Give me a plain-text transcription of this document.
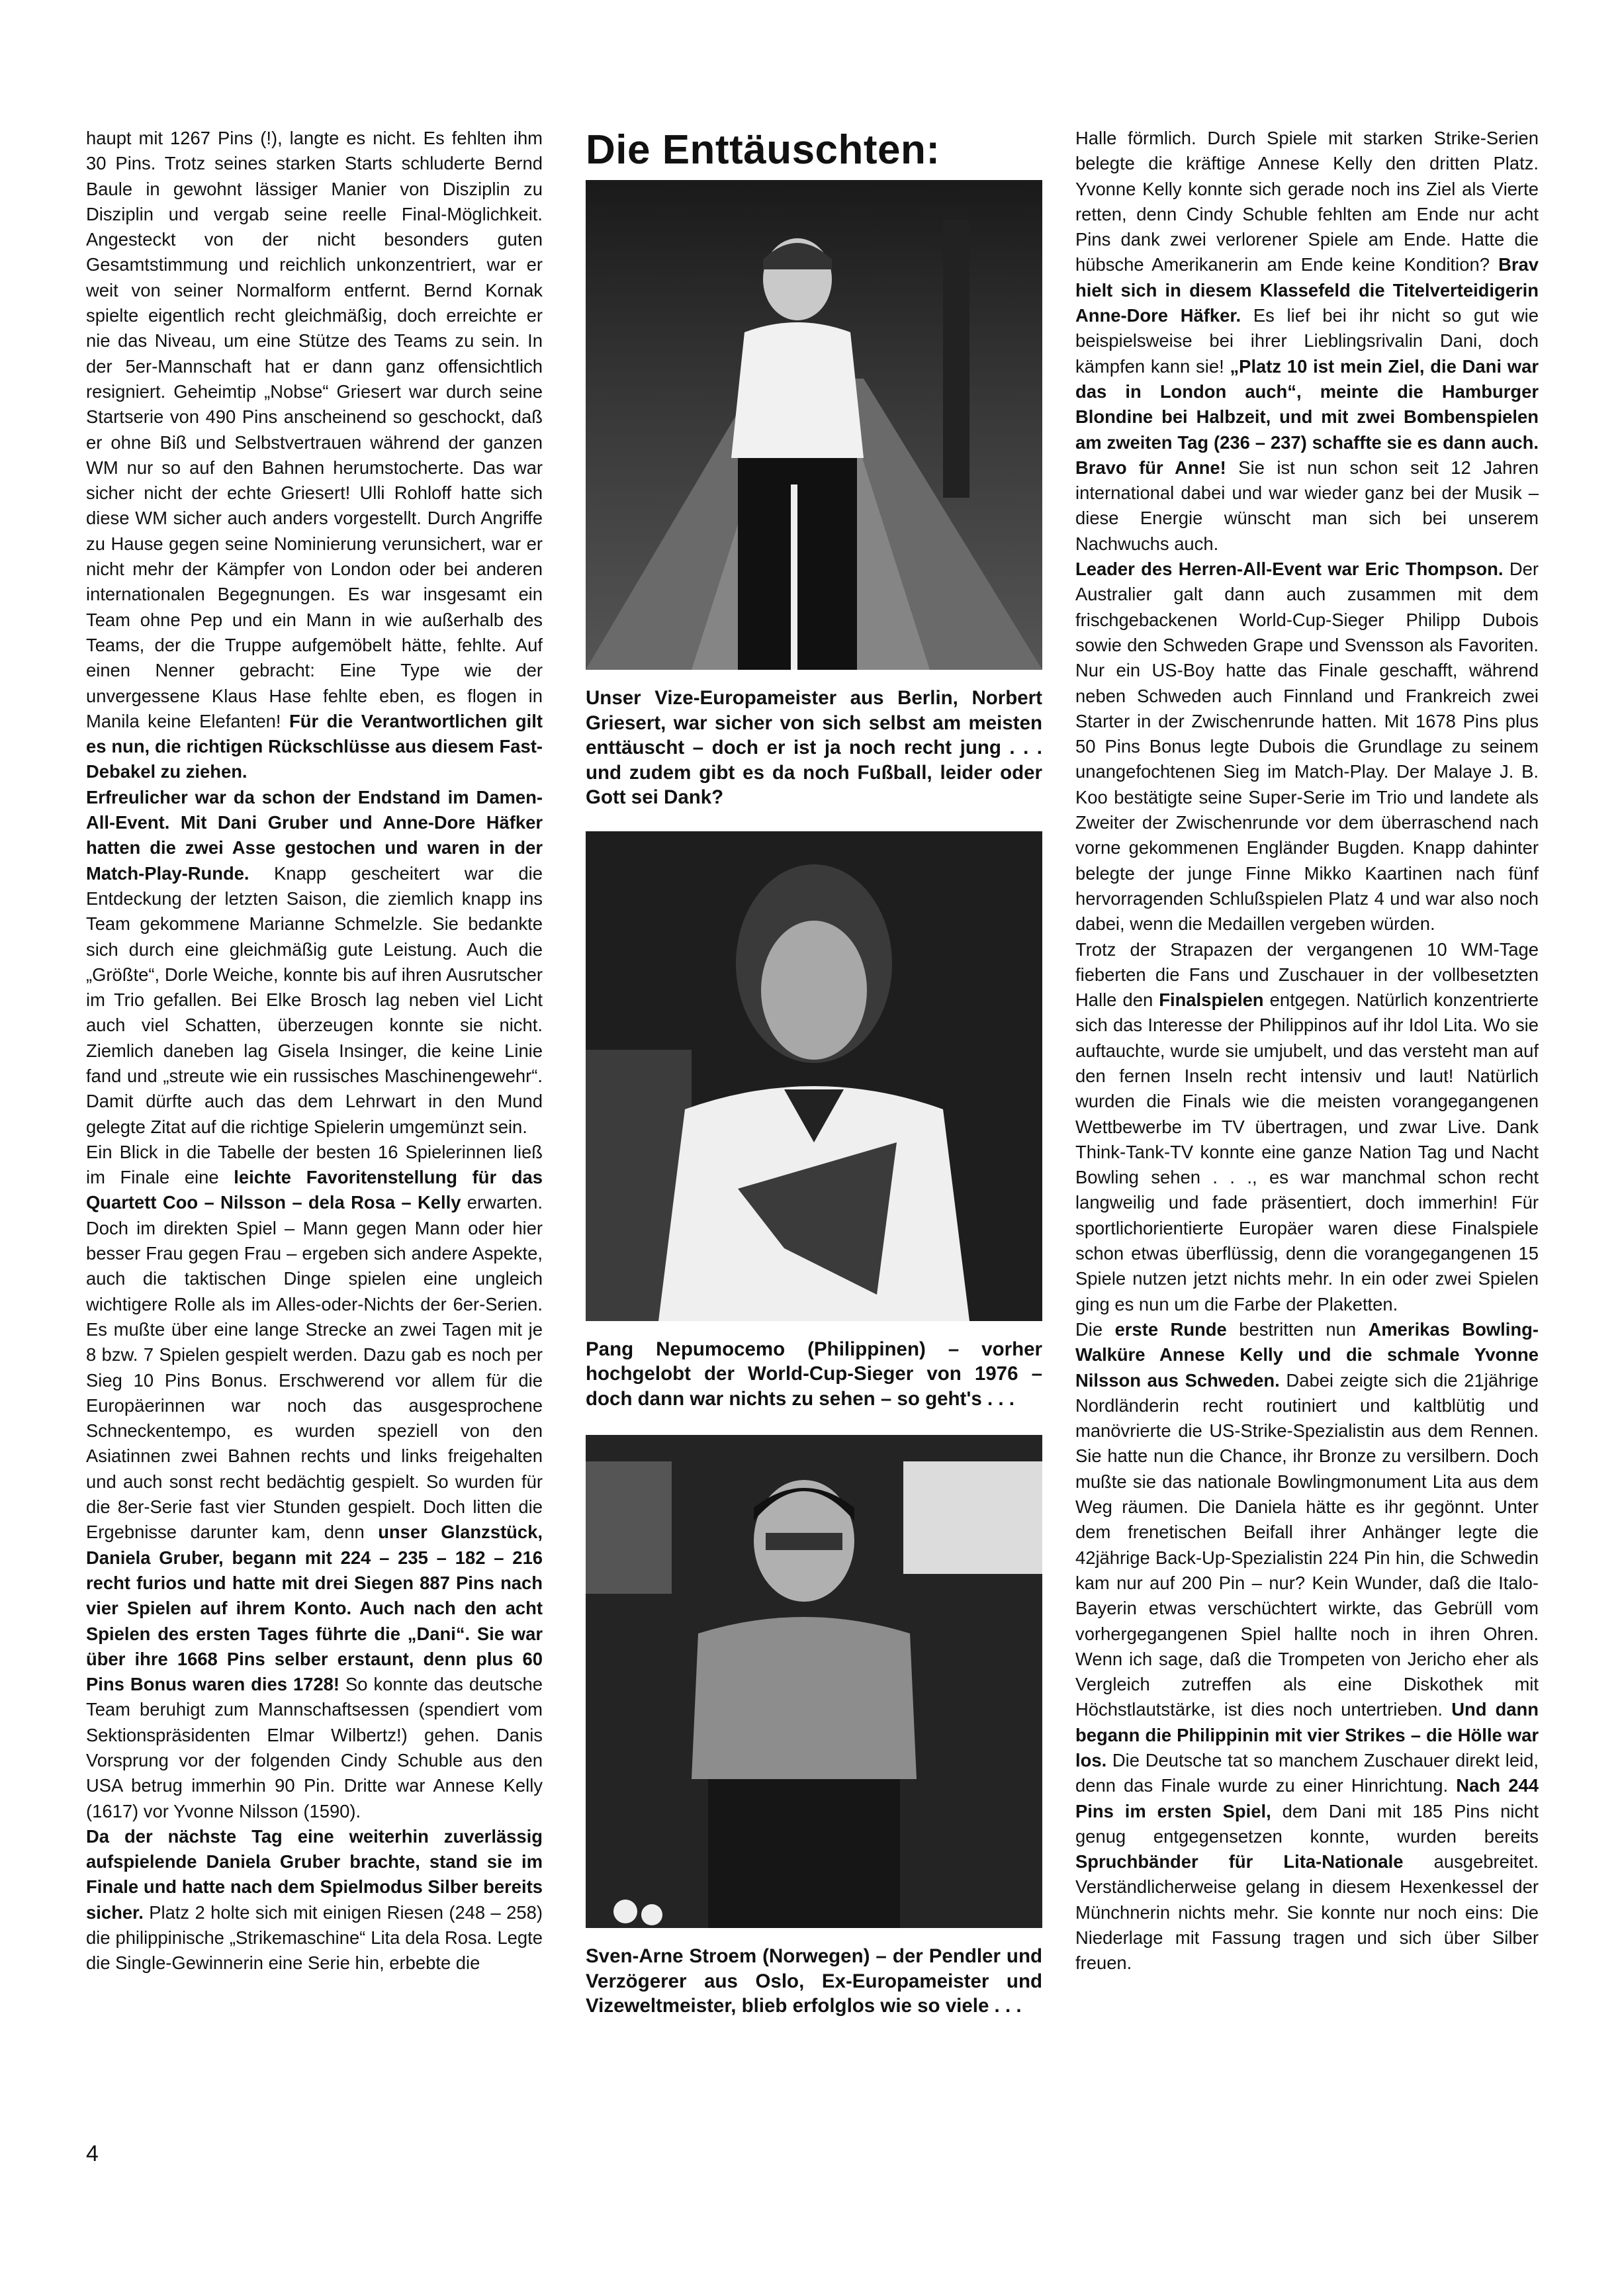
haupt mit 1267 Pins (!), langte es nicht. Es fehlten ihm 30 Pins. Trotz seines starken Starts schluderte Bernd Baule in gewohnt lässiger Manier von Disziplin zu Disziplin und vergab seine reelle Final-Möglichkeit. Angesteckt von der nicht besonders guten Gesamtstimmung und reichlich unkonzentriert, war er weit von seiner Normalform entfernt. Bernd Kornak spielte eigentlich recht gleichmäßig, doch erreichte er nie das Niveau, um eine Stütze des Teams zu sein. In der 5er-Mannschaft hat er dann ganz offensichtlich resigniert. Geheimtip „Nobse“ Griesert war durch seine Startserie von 490 Pins anscheinend so geschockt, daß er ohne Biß und Selbstvertrauen während der ganzen WM nur so auf den Bahnen herumstocherte. Das war sicher nicht der echte Griesert! Ulli Rohloff hatte sich diese WM sicher auch anders vorgestellt. Durch Angriffe zu Hause gegen seine Nominierung verunsichert, war er nicht mehr der Kämpfer von London oder bei anderen internationalen Begegnungen. Es war insgesamt ein Team ohne Pep und ein Mann in wie außerhalb des Teams, der die Truppe aufgemöbelt hätte, fehlte. Auf einen Nenner gebracht: Eine Type wie der unvergessene Klaus Hase fehlte eben, es flogen in Manila keine Elefanten! Für die Verantwortlichen gilt es nun, die richtigen Rückschlüsse aus diesem Fast-Debakel zu ziehen.

Erfreulicher war da schon der Endstand im Damen-All-Event. Mit Dani Gruber und Anne-Dore Häfker hatten die zwei Asse gestochen und waren in der Match-Play-Runde. Knapp gescheitert war die Entdeckung der letzten Saison, die ziemlich knapp ins Team gekommene Marianne Schmelzle. Sie bedankte sich durch eine gleichmäßig gute Leistung. Auch die „Größte“, Dorle Weiche, konnte bis auf ihren Ausrutscher im Trio gefallen. Bei Elke Brosch lag neben viel Licht auch viel Schatten, überzeugen konnte sie nicht. Ziemlich daneben lag Gisela Insinger, die keine Linie fand und „streute wie ein russisches Maschinengewehr“. Damit dürfte auch das dem Lehrwart in den Mund gelegte Zitat auf die richtige Spielerin umgemünzt sein.

Ein Blick in die Tabelle der besten 16 Spielerinnen ließ im Finale eine leichte Favoritenstellung für das Quartett Coo – Nilsson – dela Rosa – Kelly erwarten. Doch im direkten Spiel – Mann gegen Mann oder hier besser Frau gegen Frau – ergeben sich andere Aspekte, auch die taktischen Dinge spielen eine ungleich wichtigere Rolle als im Alles-oder-Nichts der 6er-Serien. Es mußte über eine lange Strecke an zwei Tagen mit je 8 bzw. 7 Spielen gespielt werden. Dazu gab es noch per Sieg 10 Pins Bonus. Erschwerend vor allem für die Europäerinnen war noch das ausgesprochene Schneckentempo, es wurden speziell von den Asiatinnen zwei Bahnen rechts und links freigehalten und auch sonst recht bedächtig gespielt. So wurden für die 8er-Serie fast vier Stunden gespielt. Doch litten die Ergebnisse darunter kam, denn unser Glanzstück, Daniela Gruber, begann mit 224 – 235 – 182 – 216 recht furios und hatte mit drei Siegen 887 Pins nach vier Spielen auf ihrem Konto. Auch nach den acht Spielen des ersten Tages führte die „Dani“. Sie war über ihre 1668 Pins selber erstaunt, denn plus 60 Pins Bonus waren dies 1728! So konnte das deutsche Team beruhigt zum Mannschaftsessen (spendiert vom Sektionspräsidenten Elmar Wilbertz!) gehen. Danis Vorsprung vor der folgenden Cindy Schuble aus den USA betrug immerhin 90 Pin. Dritte war Annese Kelly (1617) vor Yvonne Nilsson (1590).

Da der nächste Tag eine weiterhin zuverlässig aufspielende Daniela Gruber brachte, stand sie im Finale und hatte nach dem Spielmodus Silber bereits sicher. Platz 2 holte sich mit einigen Riesen (248 – 258) die philippinische „Strikemaschine“ Lita dela Rosa. Legte die Single-Gewinnerin eine Serie hin, erbebte die

Die Enttäuschten:

Unser Vize-Europameister aus Berlin, Norbert Griesert, war sicher von sich selbst am meisten enttäuscht – doch er ist ja noch recht jung . . . und zudem gibt es da noch Fußball, leider oder Gott sei Dank?

Pang Nepumocemo (Philippinen) – vorher hochgelobt der World-Cup-Sieger von 1976 – doch dann war nichts zu sehen – so geht's . . .

Sven-Arne Stroem (Norwegen) – der Pendler und Verzögerer aus Oslo, Ex-Europameister und Vizeweltmeister, blieb erfolglos wie so viele . . .

Halle förmlich. Durch Spiele mit starken Strike-Serien belegte die kräftige Annese Kelly den dritten Platz. Yvonne Kelly konnte sich gerade noch ins Ziel als Vierte retten, denn Cindy Schuble fehlten am Ende nur acht Pins dank zwei verlorener Spiele am Ende. Hatte die hübsche Amerikanerin am Ende keine Kondition? Brav hielt sich in diesem Klassefeld die Titelverteidigerin Anne-Dore Häfker. Es lief bei ihr nicht so gut wie beispielsweise bei ihrer Lieblingsrivalin Dani, doch kämpfen kann sie! „Platz 10 ist mein Ziel, die Dani war das in London auch“, meinte die Hamburger Blondine bei Halbzeit, und mit zwei Bombenspielen am zweiten Tag (236 – 237) schaffte sie es dann auch. Bravo für Anne! Sie ist nun schon seit 12 Jahren international dabei und war wieder ganz bei der Musik – diese Energie wünscht man sich bei unserem Nachwuchs auch.

Leader des Herren-All-Event war Eric Thompson. Der Australier galt dann auch zusammen mit dem frischgebackenen World-Cup-Sieger Philipp Dubois sowie den Schweden Grape und Svensson als Favoriten. Nur ein US-Boy hatte das Finale geschafft, während neben Schweden auch Finnland und Frankreich zwei Starter in der Zwischenrunde hatten. Mit 1678 Pins plus 50 Pins Bonus legte Dubois die Grundlage zu seinem unangefochtenen Sieg im Match-Play. Der Malaye J. B. Koo bestätigte seine Super-Serie im Trio und landete als Zweiter der Zwischenrunde vor dem überraschend nach vorne gekommenen Engländer Bugden. Knapp dahinter belegte der junge Finne Mikko Kaartinen nach fünf hervorragenden Schlußspielen Platz 4 und war also noch dabei, wenn die Medaillen vergeben würden.

Trotz der Strapazen der vergangenen 10 WM-Tage fieberten die Fans und Zuschauer in der vollbesetzten Halle den Finalspielen entgegen. Natürlich konzentrierte sich das Interesse der Philippinos auf ihr Idol Lita. Wo sie auftauchte, wurde sie umjubelt, und das versteht man auf den fernen Inseln recht intensiv und laut! Natürlich wurden die Finals wie die meisten vorangegangenen Wettbewerbe im TV übertragen, und zwar Live. Dank Think-Tank-TV konnte eine ganze Nation Tag und Nacht Bowling sehen . . ., es war manchmal schon recht langweilig und fade präsentiert, doch immerhin! Für sportlichorientierte Europäer waren diese Finalspiele schon etwas überflüssig, denn die vorangegangenen 15 Spiele nutzen jetzt nichts mehr. In ein oder zwei Spielen ging es nun um die Farbe der Plaketten.

Die erste Runde bestritten nun Amerikas Bowling-Walküre Annese Kelly und die schmale Yvonne Nilsson aus Schweden. Dabei zeigte sich die 21jährige Nordländerin recht routiniert und kaltblütig und manövrierte die US-Strike-Spezialistin aus dem Rennen. Sie hatte nun die Chance, ihr Bronze zu versilbern. Doch mußte sie das nationale Bowlingmonument Lita aus dem Weg räumen. Die Daniela hätte es ihr gegönnt. Unter dem frenetischen Beifall ihrer Anhänger legte die 42jährige Back-Up-Spezialistin 224 Pin hin, die Schwedin kam nur auf 200 Pin – nur? Kein Wunder, daß die Italo-Bayerin etwas verschüchtert wirkte, das Gebrüll vom vorhergegangenen Spiel hallte noch in ihren Ohren. Wenn ich sage, daß die Trompeten von Jericho eher als Vergleich zutreffen als eine Diskothek mit Höchstlautstärke, ist dies noch untertrieben. Und dann begann die Philippinin mit vier Strikes – die Hölle war los. Die Deutsche tat so manchem Zuschauer direkt leid, denn das Finale wurde zu einer Hinrichtung. Nach 244 Pins im ersten Spiel, dem Dani mit 185 Pins nicht genug entgegensetzen konnte, wurden bereits Spruchbänder für Lita-Nationale ausgebreitet. Verständlicherweise gelang in diesem Hexenkessel der Münchnerin nichts mehr. Sie konnte nur noch eins: Die Niederlage mit Fassung tragen und sich über Silber freuen.

4
